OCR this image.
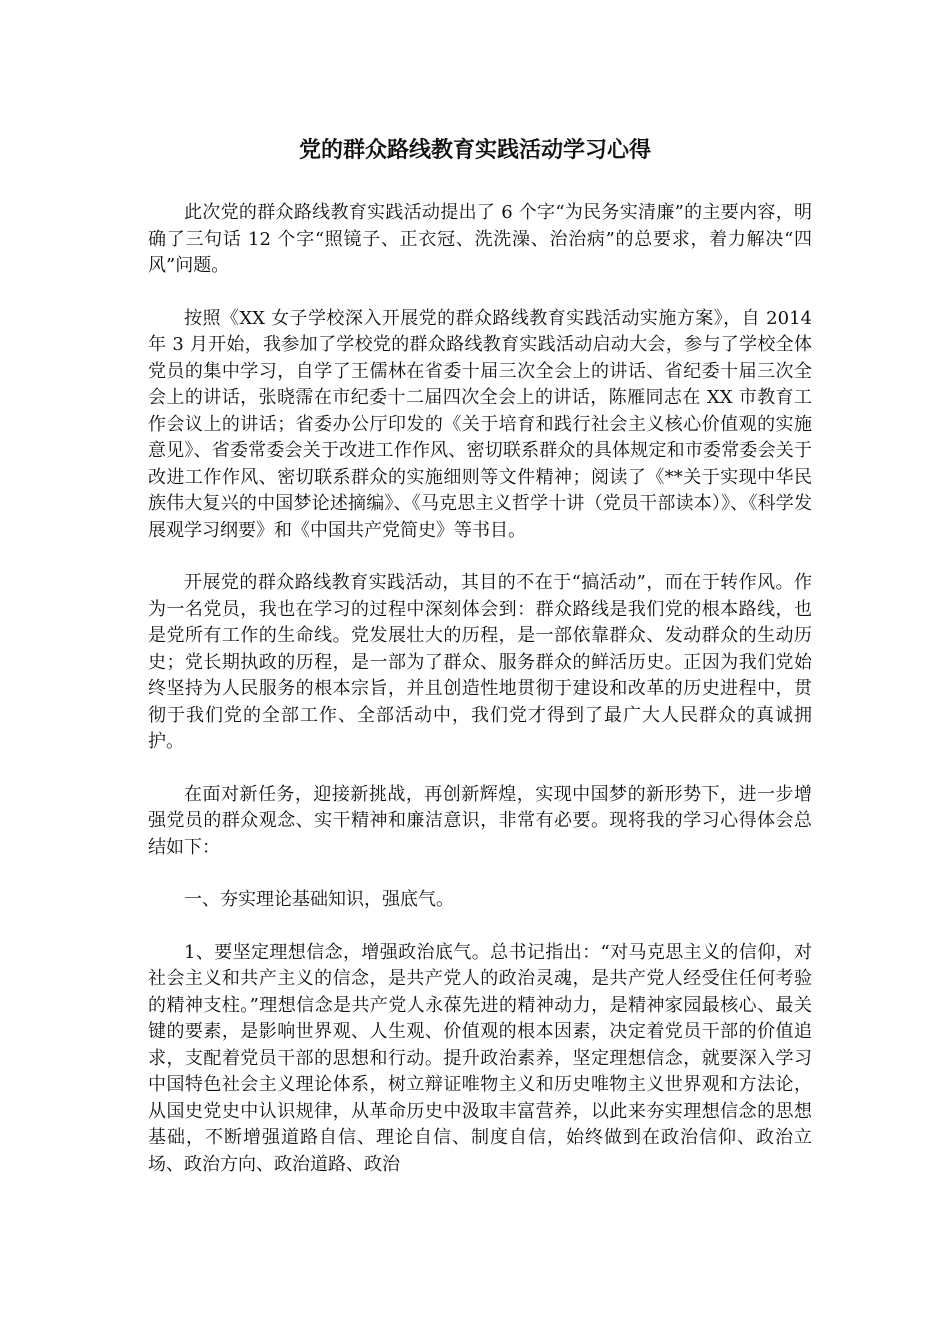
党的群众路线教育实践活动学习心得

此次党的群众路线教育实践活动提出了 6 个字“为民务实清廉”的主要内容，明确了三句话 12 个字“照镜子、正衣冠、洗洗澡、治治病”的总要求，着力解决“四风”问题。

按照《XX 女子学校深入开展党的群众路线教育实践活动实施方案》，自 2014 年 3 月开始，我参加了学校党的群众路线教育实践活动启动大会，参与了学校全体党员的集中学习，自学了王儒林在省委十届三次全会上的讲话、省纪委十届三次全会上的讲话，张晓霈在市纪委十二届四次全会上的讲话，陈雁同志在 XX 市教育工作会议上的讲话；省委办公厅印发的《关于培育和践行社会主义核心价值观的实施意见》、省委常委会关于改进工作作风、密切联系群众的具体规定和市委常委会关于改进工作作风、密切联系群众的实施细则等文件精神；阅读了《**关于实现中华民族伟大复兴的中国梦论述摘编》、《马克思主义哲学十讲（党员干部读本）》、《科学发展观学习纲要》和《中国共产党简史》等书目。

开展党的群众路线教育实践活动，其目的不在于“搞活动”，而在于转作风。作为一名党员，我也在学习的过程中深刻体会到：群众路线是我们党的根本路线，也是党所有工作的生命线。党发展壮大的历程，是一部依靠群众、发动群众的生动历史；党长期执政的历程，是一部为了群众、服务群众的鲜活历史。正因为我们党始终坚持为人民服务的根本宗旨，并且创造性地贯彻于建设和改革的历史进程中，贯彻于我们党的全部工作、全部活动中，我们党才得到了最广大人民群众的真诚拥护。

在面对新任务，迎接新挑战，再创新辉煌，实现中国梦的新形势下，进一步增强党员的群众观念、实干精神和廉洁意识，非常有必要。现将我的学习心得体会总结如下：

一、夯实理论基础知识，强底气。

1、要坚定理想信念，增强政治底气。总书记指出：“对马克思主义的信仰，对社会主义和共产主义的信念，是共产党人的政治灵魂，是共产党人经受住任何考验的精神支柱。”理想信念是共产党人永葆先进的精神动力，是精神家园最核心、最关键的要素，是影响世界观、人生观、价值观的根本因素，决定着党员干部的价值追求，支配着党员干部的思想和行动。提升政治素养，坚定理想信念，就要深入学习中国特色社会主义理论体系，树立辩证唯物主义和历史唯物主义世界观和方法论，从国史党史中认识规律，从革命历史中汲取丰富营养，以此来夯实理想信念的思想基础，不断增强道路自信、理论自信、制度自信，始终做到在政治信仰、政治立场、政治方向、政治道路、政治
